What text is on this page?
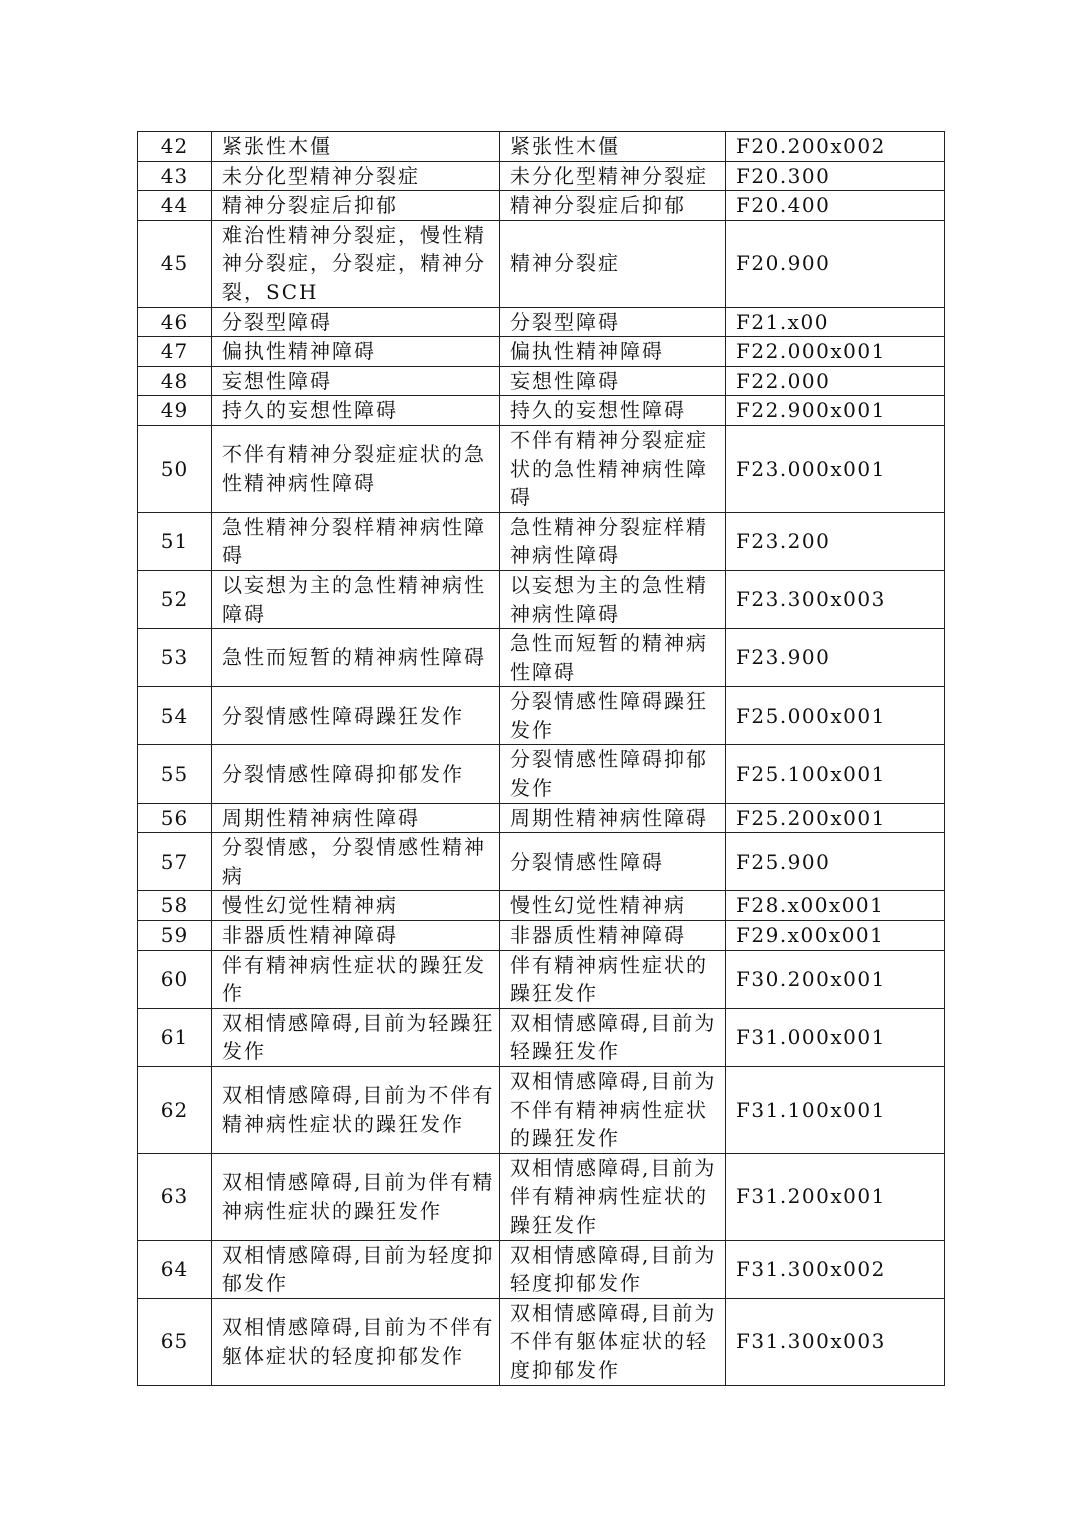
42	紧张性木僵	紧张性木僵	F20.200x002
43	未分化型精神分裂症	未分化型精神分裂症	F20.300
44	精神分裂症后抑郁	精神分裂症后抑郁	F20.400
45	难治性精神分裂症，慢性精神分裂症，分裂症，精神分裂，SCH	精神分裂症	F20.900
46	分裂型障碍	分裂型障碍	F21.x00
47	偏执性精神障碍	偏执性精神障碍	F22.000x001
48	妄想性障碍	妄想性障碍	F22.000
49	持久的妄想性障碍	持久的妄想性障碍	F22.900x001
50	不伴有精神分裂症症状的急性精神病性障碍	不伴有精神分裂症症状的急性精神病性障碍	F23.000x001
51	急性精神分裂样精神病性障碍	急性精神分裂症样精神病性障碍	F23.200
52	以妄想为主的急性精神病性障碍	以妄想为主的急性精神病性障碍	F23.300x003
53	急性而短暂的精神病性障碍	急性而短暂的精神病性障碍	F23.900
54	分裂情感性障碍躁狂发作	分裂情感性障碍躁狂发作	F25.000x001
55	分裂情感性障碍抑郁发作	分裂情感性障碍抑郁发作	F25.100x001
56	周期性精神病性障碍	周期性精神病性障碍	F25.200x001
57	分裂情感，分裂情感性精神病	分裂情感性障碍	F25.900
58	慢性幻觉性精神病	慢性幻觉性精神病	F28.x00x001
59	非器质性精神障碍	非器质性精神障碍	F29.x00x001
60	伴有精神病性症状的躁狂发作	伴有精神病性症状的躁狂发作	F30.200x001
61	双相情感障碍,目前为轻躁狂发作	双相情感障碍,目前为轻躁狂发作	F31.000x001
62	双相情感障碍,目前为不伴有精神病性症状的躁狂发作	双相情感障碍,目前为不伴有精神病性症状的躁狂发作	F31.100x001
63	双相情感障碍,目前为伴有精神病性症状的躁狂发作	双相情感障碍,目前为伴有精神病性症状的躁狂发作	F31.200x001
64	双相情感障碍,目前为轻度抑郁发作	双相情感障碍,目前为轻度抑郁发作	F31.300x002
65	双相情感障碍,目前为不伴有躯体症状的轻度抑郁发作	双相情感障碍,目前为不伴有躯体症状的轻度抑郁发作	F31.300x003
